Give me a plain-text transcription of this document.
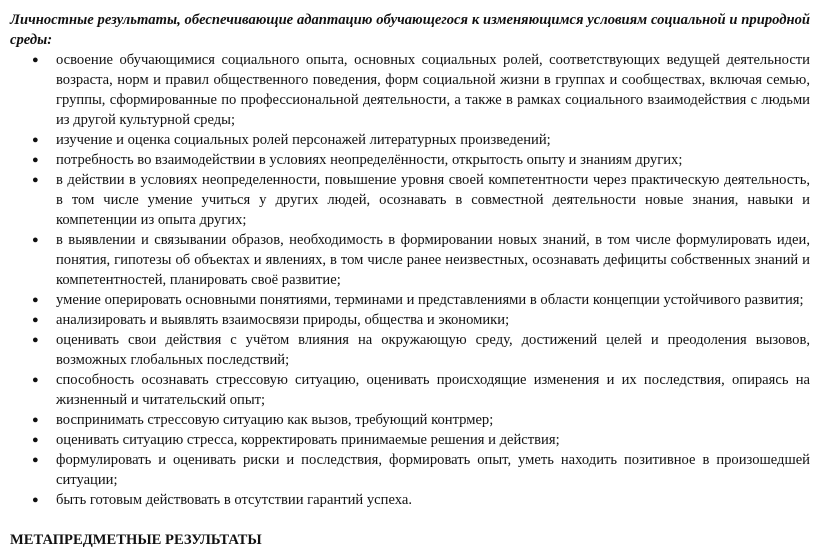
Личностные результаты, обеспечивающие адаптацию обучающегося к изменяющимся условиям социальной и природной среды:

● освоение обучающимися социального опыта, основных социальных ролей, соответствующих ведущей деятельности возраста, норм и правил общественного поведения, форм социальной жизни в группах и сообществах, включая семью, группы, сформированные по профессиональной деятельности, а также в рамках социального взаимодействия с людьми из другой культурной среды;
● изучение и оценка социальных ролей персонажей литературных произведений;
● потребность во взаимодействии в условиях неопределённости, открытость опыту и знаниям других;
● в действии в условиях неопределенности, повышение уровня своей компетентности через практическую деятельность, в том числе умение учиться у других людей, осознавать в совместной деятельности новые знания, навыки и компетенции из опыта других;
● в выявлении и связывании образов, необходимость в формировании новых знаний, в том числе формулировать идеи, понятия, гипотезы об объектах и явлениях, в том числе ранее неизвестных, осознавать дефициты собственных знаний и компетентностей, планировать своё развитие;
● умение оперировать основными понятиями, терминами и представлениями в области концепции устойчивого развития;
● анализировать и выявлять взаимосвязи природы, общества и экономики;
● оценивать свои действия с учётом влияния на окружающую среду, достижений целей и преодоления вызовов, возможных глобальных последствий;
● способность осознавать стрессовую ситуацию, оценивать происходящие изменения и их последствия, опираясь на жизненный и читательский опыт;
● воспринимать стрессовую ситуацию как вызов, требующий контрмер;
● оценивать ситуацию стресса, корректировать принимаемые решения и действия;
● формулировать и оценивать риски и последствия, формировать опыт, уметь находить позитивное в произошедшей ситуации;
● быть готовым действовать в отсутствии гарантий успеха.

МЕТАПРЕДМЕТНЫЕ РЕЗУЛЬТАТЫ
